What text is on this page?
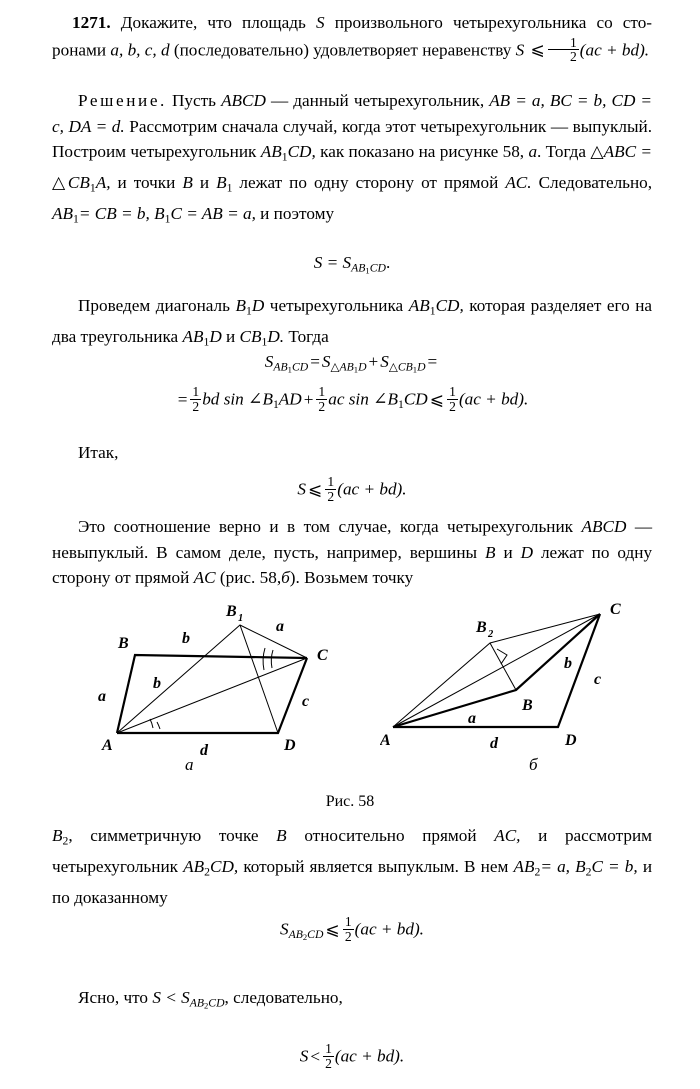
1271. Докажите, что площадь S произвольного четырехугольника со сто- ронами a, b, c, d (последовательно) удовлетворяет неравенству S ⩽ $\frac{1}{2} (ac + bd)$.

Решение. Пусть ABCD — данный четырехугольник, AB = a, BC = b, CD = c, DA = d. Рассмотрим сначала случай, когда этот четырехугольник — выпуклый. Построим четырехугольник AB1CD, как показано на рисунке 58, а. Тогда △ABC = △CB1A, и точки B и B1 лежат по одну сторону от прямой AC. Следовательно, AB1= CB = b, B1C = AB = a, и поэтому

$S = S_{AB1CD}$.

Проведем диагональ B1D четырехугольника AB1CD, которая разделяет его на два треугольника AB1D и CB1D. Тогда

$S_{AB1CD} = S_{\triangle AB1D} + S_{\triangle CB1D}$ =
= $\frac{1}{2}$ bd sin ∠B1AD + $\frac{1}{2}$ ac sin ∠B1CD ⩽ $\frac{1}{2} (ac + bd)$.

Итак,

S ⩽ $\frac{1}{2} (ac + bd)$.

Это соотношение верно и в том случае, когда четырехугольник ABCD — невыпуклый. В самом деле, пусть, например, вершины B и D лежат по одну сторону от прямой AC (рис. 58,б). Возьмем точку

A
B
B 1
C
D
a
b
a
b
c
d
A
B
B 2
C
D
a
b
c
d
а	б
Рис. 58

B2, симметричную точке B относительно прямой AC, и рассмотрим четырехугольник AB2CD, который является выпуклым. В нем AB2= a, B2C = b, и по доказанному

$S_{AB2CD}$ ⩽ $\frac{1}{2} (ac + bd)$.

Ясно, что $S < S_{AB2CD}$, следовательно,

$S < \frac{1}{2} (ac + bd)$.
